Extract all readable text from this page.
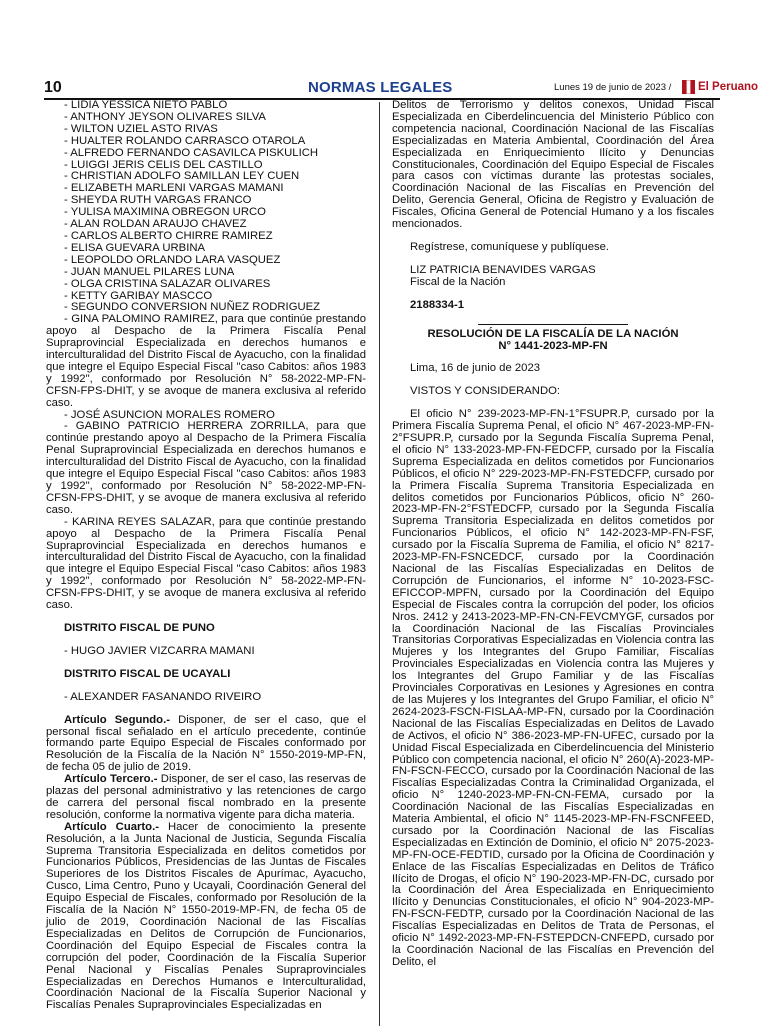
10	NORMAS LEGALES	Lunes 19 de junio de 2023 / El Peruano

- LIDIA YESSICA NIETO PABLO

- ANTHONY JEYSON OLIVARES SILVA

- WILTON UZIEL ASTO RIVAS

- HUALTER ROLANDO CARRASCO OTAROLA

- ALFREDO FERNANDO CASAVILCA PISKULICH

- LUIGGI JERIS CELIS DEL CASTILLO

- CHRISTIAN ADOLFO SAMILLAN LEY CUEN

- ELIZABETH MARLENI VARGAS MAMANI

- SHEYDA RUTH VARGAS FRANCO

- YULISA MAXIMINA OBREGON URCO

- ALAN ROLDAN ARAUJO CHAVEZ

- CARLOS ALBERTO CHIRRE RAMIREZ

- ELISA GUEVARA URBINA

- LEOPOLDO ORLANDO LARA VASQUEZ

- JUAN MANUEL PILARES LUNA

- OLGA CRISTINA SALAZAR OLIVARES

- KETTY GARIBAY MASCCO

- SEGUNDO CONVERSION NUÑEZ RODRIGUEZ

- GINA PALOMINO RAMIREZ, para que continúe prestando apoyo al Despacho de la Primera Fiscalía Penal Supraprovincial Especializada en derechos humanos e interculturalidad del Distrito Fiscal de Ayacucho, con la finalidad que integre el Equipo Especial Fiscal "caso Cabitos: años 1983 y 1992", conformado por Resolución N° 58-2022-MP-FN-CFSN-FPS-DHIT, y se avoque de manera exclusiva al referido caso.

- JOSÉ ASUNCION MORALES ROMERO

- GABINO PATRICIO HERRERA ZORRILLA, para que continúe prestando apoyo al Despacho de la Primera Fiscalía Penal Supraprovincial Especializada en derechos humanos e interculturalidad del Distrito Fiscal de Ayacucho, con la finalidad que integre el Equipo Especial Fiscal "caso Cabitos: años 1983 y 1992", conformado por Resolución N° 58-2022-MP-FN-CFSN-FPS-DHIT, y se avoque de manera exclusiva al referido caso.

- KARINA REYES SALAZAR, para que continúe prestando apoyo al Despacho de la Primera Fiscalía Penal Supraprovincial Especializada en derechos humanos e interculturalidad del Distrito Fiscal de Ayacucho, con la finalidad que integre el Equipo Especial Fiscal "caso Cabitos: años 1983 y 1992", conformado por Resolución N° 58-2022-MP-FN-CFSN-FPS-DHIT, y se avoque de manera exclusiva al referido caso.

DISTRITO FISCAL DE PUNO

- HUGO JAVIER VIZCARRA MAMANI

DISTRITO FISCAL DE UCAYALI

- ALEXANDER FASANANDO RIVEIRO

Artículo Segundo.- Disponer, de ser el caso, que el personal fiscal señalado en el artículo precedente, continúe formando parte Equipo Especial de Fiscales conformado por Resolución de la Fiscalía de la Nación N° 1550-2019-MP-FN, de fecha 05 de julio de 2019.

Artículo Tercero.- Disponer, de ser el caso, las reservas de plazas del personal administrativo y las retenciones de cargo de carrera del personal fiscal nombrado en la presente resolución, conforme la normativa vigente para dicha materia.

Artículo Cuarto.- Hacer de conocimiento la presente Resolución, a la Junta Nacional de Justicia, Segunda Fiscalía Suprema Transitoria Especializada en delitos cometidos por Funcionarios Públicos, Presidencias de las Juntas de Fiscales Superiores de los Distritos Fiscales de Apurímac, Ayacucho, Cusco, Lima Centro, Puno y Ucayali, Coordinación General del Equipo Especial de Fiscales, conformado por Resolución de la Fiscalía de la Nación N° 1550-2019-MP-FN, de fecha 05 de julio de 2019, Coordinación Nacional de las Fiscalías Especializadas en Delitos de Corrupción de Funcionarios, Coordinación del Equipo Especial de Fiscales contra la corrupción del poder, Coordinación de la Fiscalía Superior Penal Nacional y Fiscalías Penales Supraprovinciales Especializadas en Derechos Humanos e Interculturalidad, Coordinación Nacional de la Fiscalía Superior Nacional y Fiscalías Penales Supraprovinciales Especializadas en

Delitos de Terrorismo y delitos conexos, Unidad Fiscal Especializada en Ciberdelincuencia del Ministerio Público con competencia nacional, Coordinación Nacional de las Fiscalías Especializadas en Materia Ambiental, Coordinación del Área Especializada en Enriquecimiento Ilícito y Denuncias Constitucionales, Coordinación del Equipo Especial de Fiscales para casos con víctimas durante las protestas sociales, Coordinación Nacional de las Fiscalías en Prevención del Delito, Gerencia General, Oficina de Registro y Evaluación de Fiscales, Oficina General de Potencial Humano y a los fiscales mencionados.

Regístrese, comuníquese y publíquese.

LIZ PATRICIA BENAVIDES VARGAS

Fiscal de la Nación

2188334-1

RESOLUCIÓN DE LA FISCALÍA DE LA NACIÓN

N° 1441-2023-MP-FN

Lima, 16 de junio de 2023

VISTOS Y CONSIDERANDO:

El oficio N° 239-2023-MP-FN-1°FSUPR.P, cursado por la Primera Fiscalía Suprema Penal, el oficio N° 467-2023-MP-FN-2°FSUPR.P, cursado por la Segunda Fiscalía Suprema Penal, el oficio N° 133-2023-MP-FN-FEDCFP, cursado por la Fiscalía Suprema Especializada en delitos cometidos por Funcionarios Públicos, el oficio N° 229-2023-MP-FN-FSTEDCFP, cursado por la Primera Fiscalía Suprema Transitoria Especializada en delitos cometidos por Funcionarios Públicos, oficio N° 260-2023-MP-FN-2°FSTEDCFP, cursado por la Segunda Fiscalía Suprema Transitoria Especializada en delitos cometidos por Funcionarios Públicos, el oficio N° 142-2023-MP-FN-FSF, cursado por la Fiscalía Suprema de Familia, el oficio N° 8217-2023-MP-FN-FSNCEDCF, cursado por la Coordinación Nacional de las Fiscalías Especializadas en Delitos de Corrupción de Funcionarios, el informe N° 10-2023-FSC-EFICCOP-MPFN, cursado por la Coordinación del Equipo Especial de Fiscales contra la corrupción del poder, los oficios Nros. 2412 y 2413-2023-MP-FN-CN-FEVCMYGF, cursados por la Coordinación Nacional de las Fiscalías Provinciales Transitorias Corporativas Especializadas en Violencia contra las Mujeres y los Integrantes del Grupo Familiar, Fiscalías Provinciales Especializadas en Violencia contra las Mujeres y los Integrantes del Grupo Familiar y de las Fiscalías Provinciales Corporativas en Lesiones y Agresiones en contra de las Mujeres y los Integrantes del Grupo Familiar, el oficio N° 2624-2023-FSCN-FISLAA-MP-FN, cursado por la Coordinación Nacional de las Fiscalías Especializadas en Delitos de Lavado de Activos, el oficio N° 386-2023-MP-FN-UFEC, cursado por la Unidad Fiscal Especializada en Ciberdelincuencia del Ministerio Público con competencia nacional, el oficio N° 260(A)-2023-MP-FN-FSCN-FECCO, cursado por la Coordinación Nacional de las Fiscalías Especializadas Contra la Criminalidad Organizada, el oficio N° 1240-2023-MP-FN-CN-FEMA, cursado por la Coordinación Nacional de las Fiscalías Especializadas en Materia Ambiental, el oficio N° 1145-2023-MP-FN-FSCNFEED, cursado por la Coordinación Nacional de las Fiscalías Especializadas en Extinción de Dominio, el oficio N° 2075-2023-MP-FN-OCE-FEDTID, cursado por la Oficina de Coordinación y Enlace de las Fiscalías Especializadas en Delitos de Tráfico Ilícito de Drogas, el oficio N° 190-2023-MP-FN-DC, cursado por la Coordinación del Área Especializada en Enriquecimiento Ilícito y Denuncias Constitucionales, el oficio N° 904-2023-MP-FN-FSCN-FEDTP, cursado por la Coordinación Nacional de las Fiscalías Especializadas en Delitos de Trata de Personas, el oficio N° 1492-2023-MP-FN-FSTEPDCN-CNFEPD, cursado por la Coordinación Nacional de las Fiscalías en Prevención del Delito, el
